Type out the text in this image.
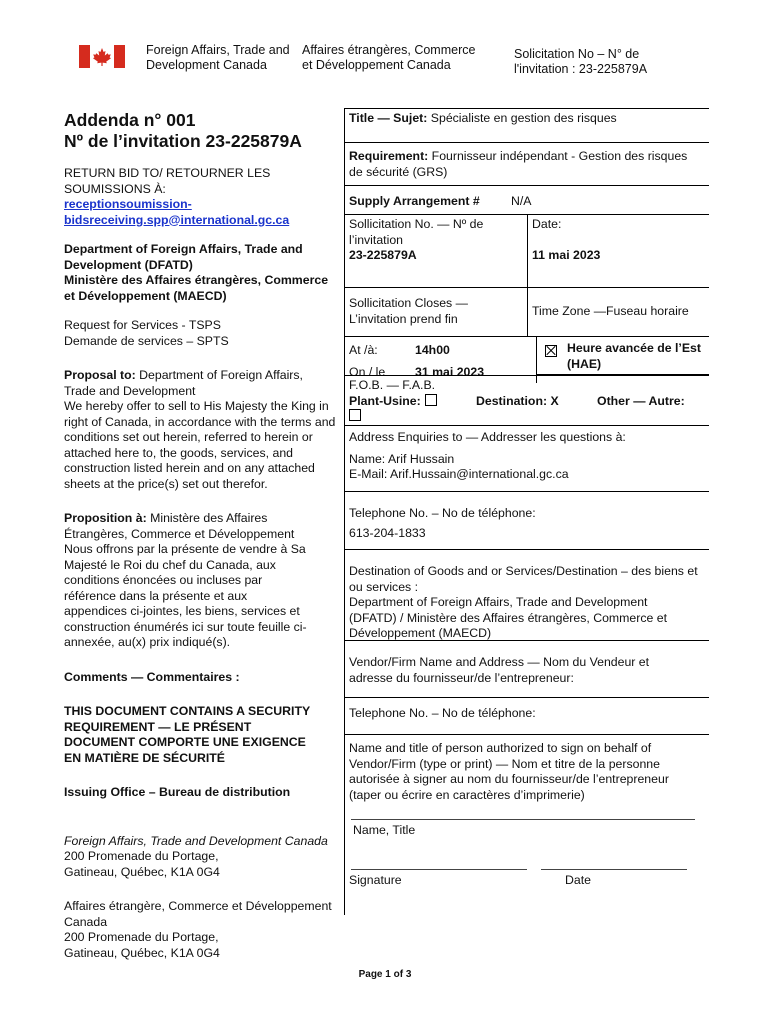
Foreign Affairs, Trade and
Development Canada
Affaires étrangères, Commerce
et Développement Canada
Solicitation No – N° de
l'invitation : 23-225879A
Addenda n° 001
Nº de l’invitation 23-225879A
RETURN BID TO/ RETOURNER LES
SOUMISSIONS À:
receptionsoumission-
bidsreceiving.spp@international.gc.ca
Department of Foreign Affairs, Trade and
Development (DFATD)
Ministère des Affaires étrangères, Commerce
et Développement (MAECD)
Request for Services - TSPS
Demande de services – SPTS
Proposal to: Department of Foreign Affairs,
Trade and Development
We hereby offer to sell to His Majesty the King in
right of Canada, in accordance with the terms and
conditions set out herein, referred to herein or
attached here to, the goods, services, and
construction listed herein and on any attached
sheets at the price(s) set out therefor.
Proposition à: Ministère des Affaires
Étrangères, Commerce et Développement
Nous offrons par la présente de vendre à Sa
Majesté le Roi du chef du Canada, aux
conditions énoncées ou incluses par
référence dans la présente et aux
appendices ci-jointes, les biens, services et
construction énumérés ici sur toute feuille ci-
annexée, au(x) prix indiqué(s).
Comments — Commentaires :
THIS DOCUMENT CONTAINS A SECURITY
REQUIREMENT — LE PRÉSENT
DOCUMENT COMPORTE UNE EXIGENCE
EN MATIÈRE DE SÉCURITÉ
Issuing Office – Bureau de distribution
Foreign Affairs, Trade and Development Canada
200 Promenade du Portage,
Gatineau, Québec, K1A 0G4
Affaires étrangère, Commerce et Développement
Canada
200 Promenade du Portage,
Gatineau, Québec, K1A 0G4
Title — Sujet: Spécialiste en gestion des risques
Requirement: Fournisseur indépendant - Gestion des risques
de sécurité (GRS)
Supply Arrangement #	N/A
Sollicitation No. — Nº de
l’invitation
23-225879A
Date:
11 mai 2023
Sollicitation Closes —
L’invitation prend fin
Time Zone —Fuseau horaire
At /à:	14h00
On / le 31 mai 2023
Heure avancée de l’Est
(HAE)
F.O.B. — F.A.B.
Plant-Usine:	Destination: X	Other — Autre:
Address Enquiries to — Addresser les questions à:
Name: Arif Hussain
E-Mail: Arif.Hussain@international.gc.ca
Telephone No. – No de téléphone:
613-204-1833
Destination of Goods and or Services/Destination – des biens et
ou services :
Department of Foreign Affairs, Trade and Development
(DFATD) / Ministère des Affaires étrangères, Commerce et
Développement (MAECD)
Vendor/Firm Name and Address — Nom du Vendeur et
adresse du fournisseur/de l’entrepreneur:
Telephone No. – No de téléphone:
Name and title of person authorized to sign on behalf of
Vendor/Firm (type or print) — Nom et titre de la personne
autorisée à signer au nom du fournisseur/de l’entrepreneur
(taper ou écrire en caractères d’imprimerie)
Name, Title
Signature	Date
Page 1 of 3
